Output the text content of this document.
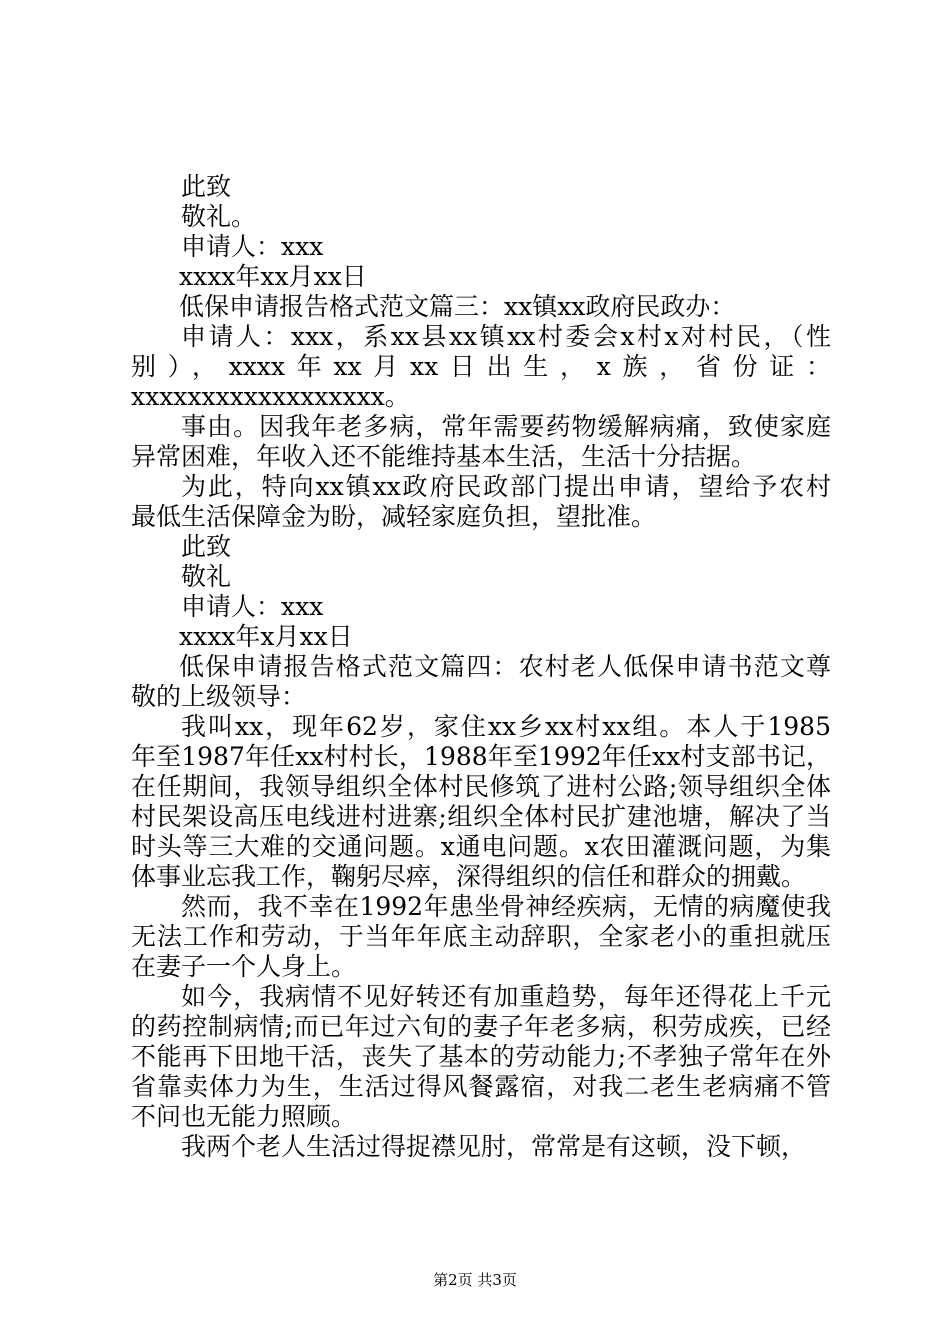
此致
敬礼。
申请人：xxx
xxxx年xx月xx日
低保申请报告格式范文篇三：xx镇xx政府民政办：
申请人：xxx，系xx县xx镇xx村委会x村x对村民，（性
别），xxxx年xx月xx日出生，x族，省份证：
xxxxxxxxxxxxxxxxxx。
事由。因我年老多病，常年需要药物缓解病痛，致使家庭
异常困难，年收入还不能维持基本生活，生活十分拮据。
为此，特向xx镇xx政府民政部门提出申请，望给予农村
最低生活保障金为盼，减轻家庭负担，望批准。
此致
敬礼
申请人：xxx
xxxx年x月xx日
低保申请报告格式范文篇四：农村老人低保申请书范文尊
敬的上级领导：
我叫xx，现年62岁，家住xx乡xx村xx组。本人于1985
年至1987年任xx村村长，1988年至1992年任xx村支部书记，
在任期间，我领导组织全体村民修筑了进村公路;领导组织全体
村民架设高压电线进村进寨;组织全体村民扩建池塘，解决了当
时头等三大难的交通问题。x通电问题。x农田灌溉问题，为集
体事业忘我工作，鞠躬尽瘁，深得组织的信任和群众的拥戴。
然而，我不幸在1992年患坐骨神经疾病，无情的病魔使我
无法工作和劳动，于当年年底主动辞职，全家老小的重担就压
在妻子一个人身上。
如今，我病情不见好转还有加重趋势，每年还得花上千元
的药控制病情;而已年过六旬的妻子年老多病，积劳成疾，已经
不能再下田地干活，丧失了基本的劳动能力;不孝独子常年在外
省靠卖体力为生，生活过得风餐露宿，对我二老生老病痛不管
不问也无能力照顾。
我两个老人生活过得捉襟见肘，常常是有这顿，没下顿，
第2页 共3页
